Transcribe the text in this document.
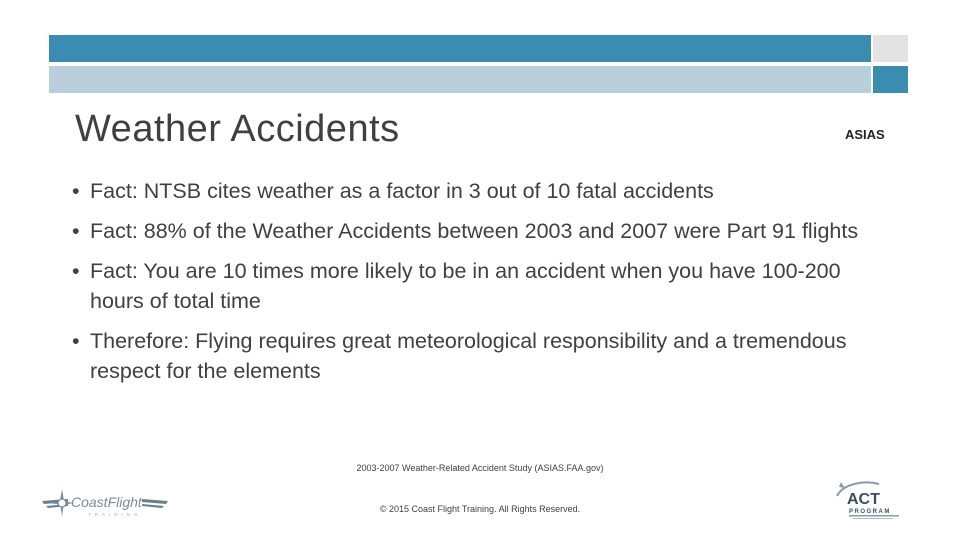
Weather Accidents	ASIAS
• Fact: NTSB cites weather as a factor in 3 out of 10 fatal accidents
• Fact: 88% of the Weather Accidents between 2003 and 2007 were Part 91 flights
• Fact: You are 10 times more likely to be in an accident when you have 100-200 hours of total time
• Therefore: Flying requires great meteorological responsibility and a tremendous respect for the elements
2003-2007 Weather-Related Accident Study (ASIAS.FAA.gov)
© 2015 Coast Flight Training. All Rights Reserved.
CoastFlight
TRAINING
ACT
PROGRAM
